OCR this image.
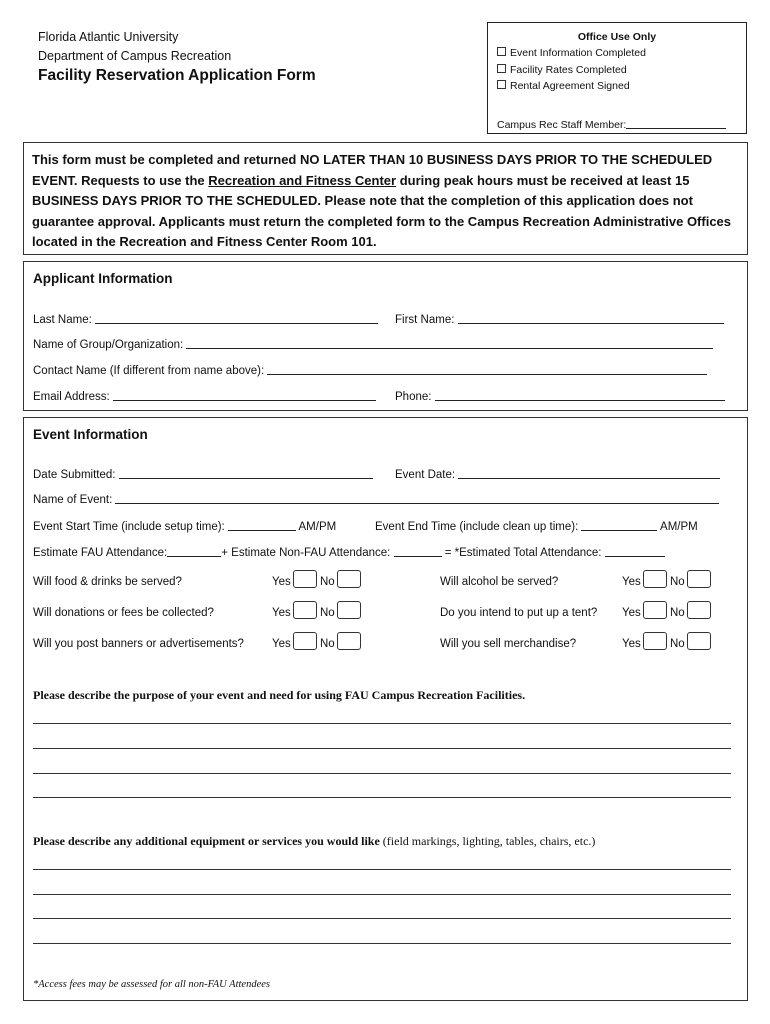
Florida Atlantic University
Department of Campus Recreation
Facility Reservation Application Form
Office Use Only
Event Information Completed
Facility Rates Completed
Rental Agreement Signed
Campus Rec Staff Member:
This form must be completed and returned NO LATER THAN 10 BUSINESS DAYS PRIOR TO THE SCHEDULED EVENT. Requests to use the Recreation and Fitness Center during peak hours must be received at least 15 BUSINESS DAYS PRIOR TO THE SCHEDULED. Please note that the completion of this application does not guarantee approval. Applicants must return the completed form to the Campus Recreation Administrative Offices located in the Recreation and Fitness Center Room 101.
Applicant Information
Last Name:	First Name:
Name of Group/Organization:
Contact Name (If different from name above):
Email Address:	Phone:
Event Information
Date Submitted:	Event Date:
Name of Event:
Event Start Time (include setup time):	AM/PM	Event End Time (include clean up time):	AM/PM
Estimate FAU Attendance:	+ Estimate Non-FAU Attendance:	= *Estimated Total Attendance:
Will food & drinks be served?	Yes	No	Will alcohol be served?	Yes	No
Will donations or fees be collected?	Yes	No	Do you intend to put up a tent? Yes	No
Will you post banners or advertisements? Yes	No	Will you sell merchandise?	Yes	No
Please describe the purpose of your event and need for using FAU Campus Recreation Facilities.
Please describe any additional equipment or services you would like (field markings, lighting, tables, chairs, etc.)
*Access fees may be assessed for all non-FAU Attendees
